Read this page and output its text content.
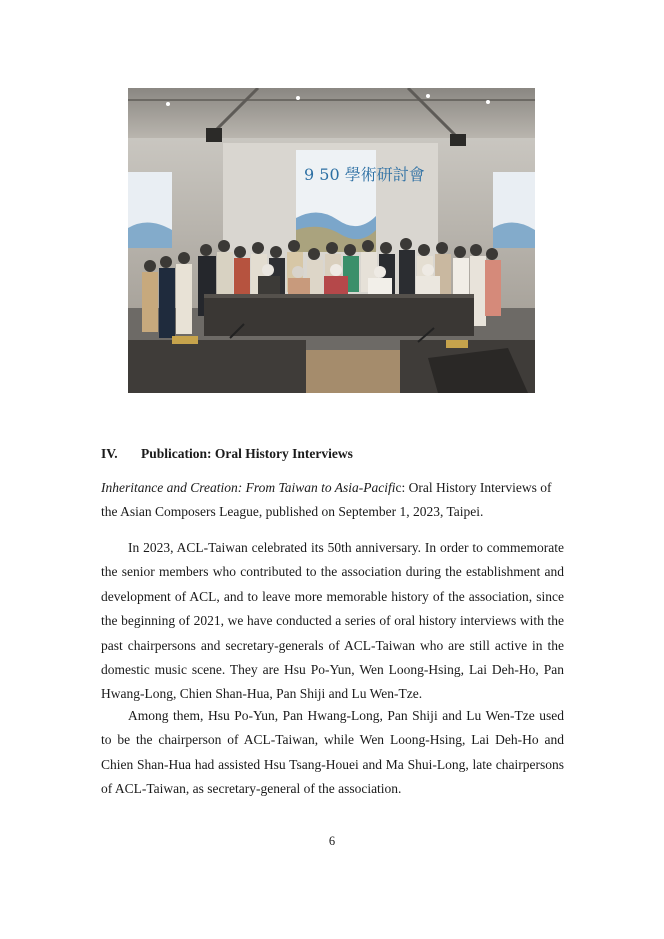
9 50 學術研討會
IV. Publication: Oral History Interviews

Inheritance and Creation: From Taiwan to Asia-Pacific: Oral History Interviews of the Asian Composers League, published on September 1, 2023, Taipei.

In 2023, ACL-Taiwan celebrated its 50th anniversary. In order to commemorate the senior members who contributed to the association during the establishment and development of ACL, and to leave more memorable history of the association, since the beginning of 2021, we have conducted a series of oral history interviews with the past chairpersons and secretary-generals of ACL-Taiwan who are still active in the domestic music scene. They are Hsu Po-Yun, Wen Loong-Hsing, Lai Deh-Ho, Pan Hwang-Long, Chien Shan-Hua, Pan Shiji and Lu Wen-Tze.

Among them, Hsu Po-Yun, Pan Hwang-Long, Pan Shiji and Lu Wen-Tze used to be the chairperson of ACL-Taiwan, while Wen Loong-Hsing, Lai Deh-Ho and Chien Shan-Hua had assisted Hsu Tsang-Houei and Ma Shui-Long, late chairpersons of ACL-Taiwan, as secretary-general of the association.

6
